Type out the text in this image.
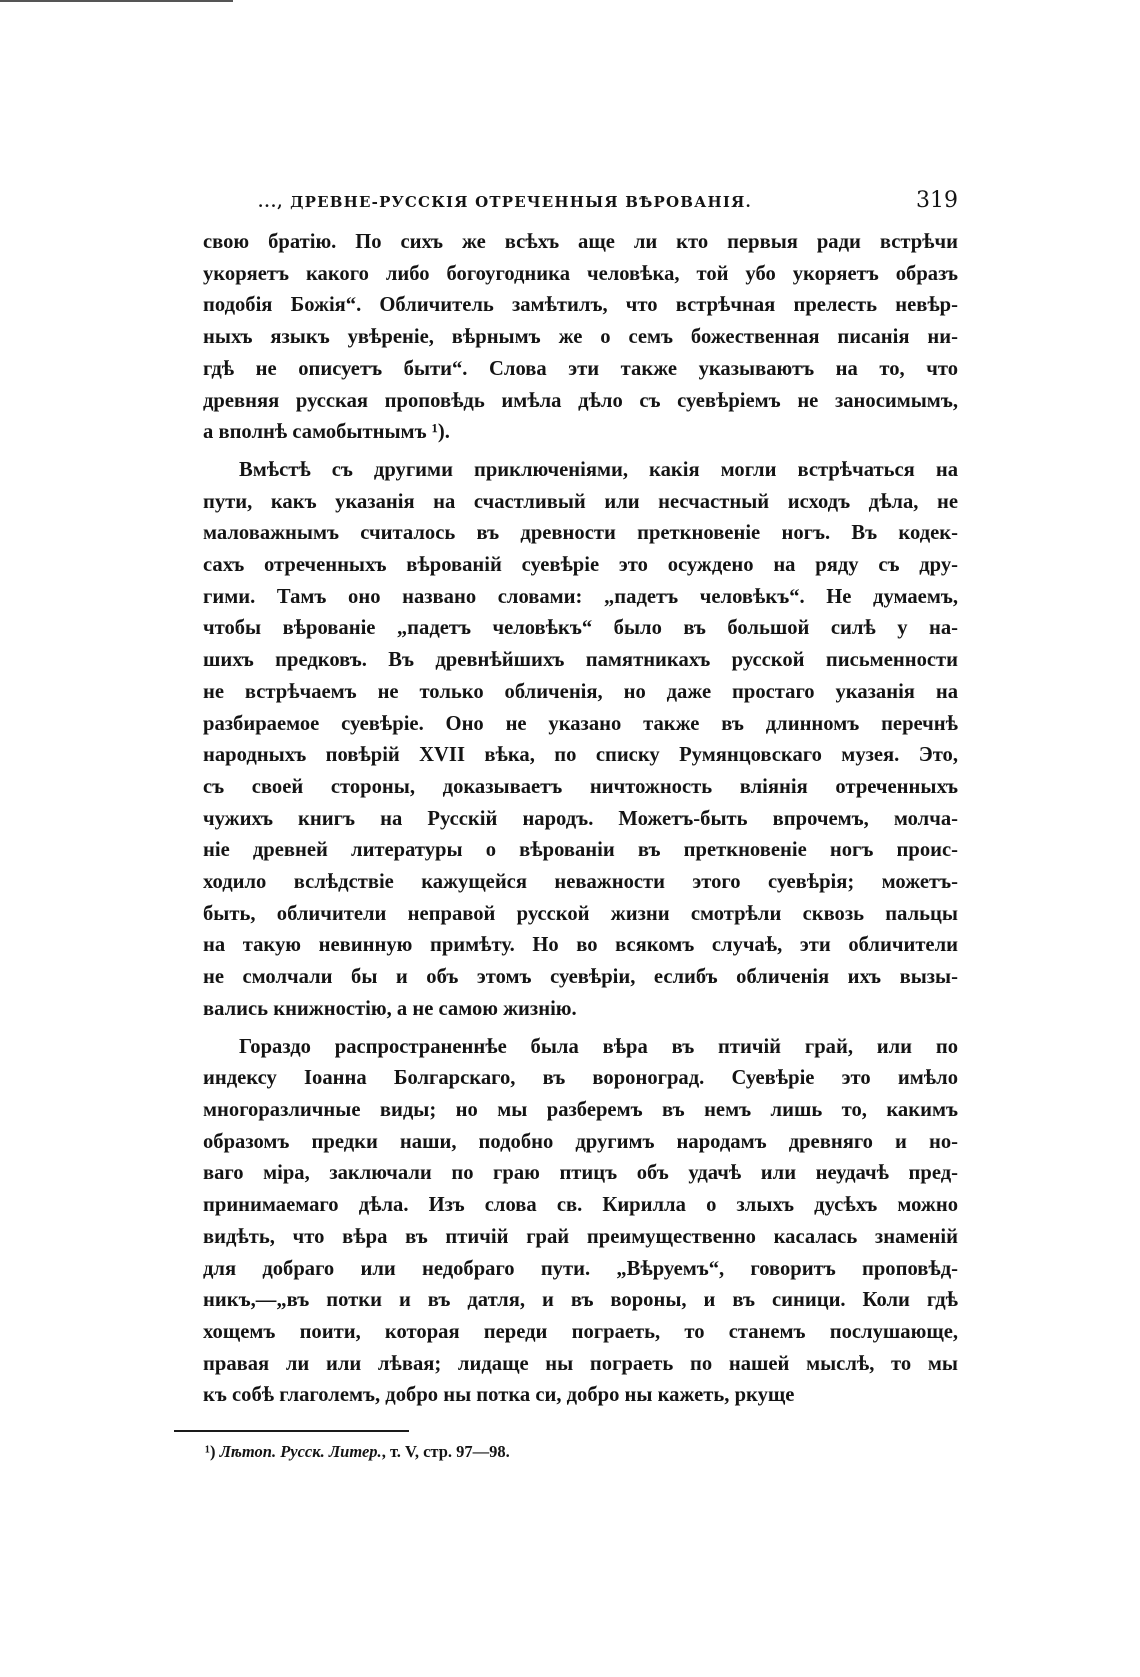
..., ДРЕВНЕ-РУССКІЯ ОТРЕЧЕННЫЯ ВѢРОВАНІЯ.	319
свою братію. По сихъ же всѣхъ аще ли кто первыя ради встрѣчи
укоряетъ какого либо богоугодника человѣка, той убо укоряетъ образъ
подобія Божія“. Обличитель замѣтилъ, что встрѣчная прелесть невѣр-
ныхъ языкъ увѣреніе, вѣрнымъ же о семъ божественная писанія ни-
гдѣ не описуетъ быти“. Слова эти также указываютъ на то, что
древняя русская проповѣдь имѣла дѣло съ суевѣріемъ не заносимымъ,
а вполнѣ самобытнымъ ¹).
Вмѣстѣ съ другими приключеніями, какія могли встрѣчаться на
пути, какъ указанія на счастливый или несчастный исходъ дѣла, не
маловажнымъ считалось въ древности преткновеніе ногъ. Въ кодек-
сахъ отреченныхъ вѣрованій суевѣріе это осуждено на ряду съ дру-
гими. Тамъ оно названо словами: „падетъ человѣкъ“. Не думаемъ,
чтобы вѣрованіе „падетъ человѣкъ“ было въ большой силѣ у на-
шихъ предковъ. Въ древнѣйшихъ памятникахъ русской письменности
не встрѣчаемъ не только обличенія, но даже простаго указанія на
разбираемое суевѣріе. Оно не указано также въ длинномъ перечнѣ
народныхъ повѣрій XVII вѣка, по списку Румянцовскаго музея. Это,
съ своей стороны, доказываетъ ничтожность вліянія отреченныхъ
чужихъ книгъ на Русскій народъ. Можетъ-быть впрочемъ, молча-
ніе древней литературы о вѣрованіи въ преткновеніе ногъ проис-
ходило вслѣдствіе кажущейся неважности этого суевѣрія; можетъ-
быть, обличители неправой русской жизни смотрѣли сквозь пальцы
на такую невинную примѣту. Но во всякомъ случаѣ, эти обличители
не смолчали бы и объ этомъ суевѣріи, еслибъ обличенія ихъ вызы-
вались книжностію, а не самою жизнію.
Гораздо распространеннѣе была вѣра въ птичій грай, или по
индексу Іоанна Болгарскаго, въ вороноград. Суевѣріе это имѣло
многоразличные виды; но мы разберемъ въ немъ лишь то, какимъ
образомъ предки наши, подобно другимъ народамъ древняго и но-
ваго міра, заключали по граю птицъ объ удачѣ или неудачѣ пред-
принимаемаго дѣла. Изъ слова св. Кирилла о злыхъ дусѣхъ можно
видѣть, что вѣра въ птичій грай преимущественно касалась знаменій
для добраго или недобраго пути. „Вѣруемъ“, говоритъ проповѣд-
никъ,—„въ потки и въ датля, и въ вороны, и въ синици. Коли гдѣ
хощемъ поити, которая переди пограеть, то станемъ послушающе,
правая ли или лѣвая; лидаще ны пограеть по нашей мыслѣ, то мы
къ собѣ глаголемъ, добро ны потка си, добро ны кажеть, ркуще
¹) Лѣтоп. Русск. Литер., т. V, стр. 97—98.
